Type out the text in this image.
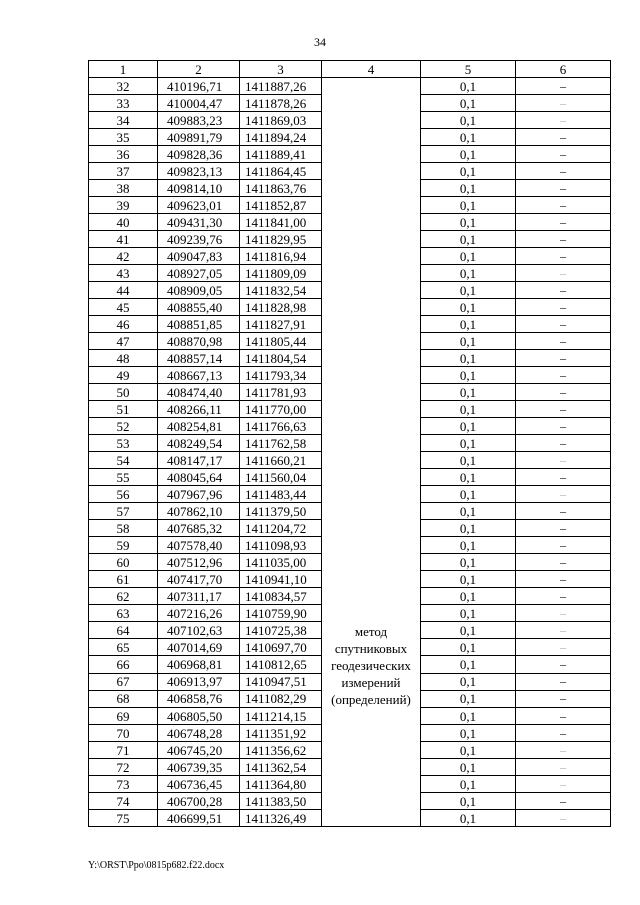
34
1	2	3	4	5	6
32	410196,71	1411887,26		0,1	–
33	410004,47	1411878,26		0,1	–
34	409883,23	1411869,03		0,1	–
35	409891,79	1411894,24		0,1	–
36	409828,36	1411889,41		0,1	–
37	409823,13	1411864,45		0,1	–
38	409814,10	1411863,76		0,1	–
39	409623,01	1411852,87		0,1	–
40	409431,30	1411841,00		0,1	–
41	409239,76	1411829,95		0,1	–
42	409047,83	1411816,94		0,1	–
43	408927,05	1411809,09		0,1	–
44	408909,05	1411832,54		0,1	–
45	408855,40	1411828,98		0,1	–
46	408851,85	1411827,91		0,1	–
47	408870,98	1411805,44		0,1	–
48	408857,14	1411804,54		0,1	–
49	408667,13	1411793,34		0,1	–
50	408474,40	1411781,93		0,1	–
51	408266,11	1411770,00		0,1	–
52	408254,81	1411766,63		0,1	–
53	408249,54	1411762,58		0,1	–
54	408147,17	1411660,21		0,1	–
55	408045,64	1411560,04		0,1	–
56	407967,96	1411483,44		0,1	–
57	407862,10	1411379,50		0,1	–
58	407685,32	1411204,72		0,1	–
59	407578,40	1411098,93		0,1	–
60	407512,96	1411035,00		0,1	–
61	407417,70	1410941,10		0,1	–
62	407311,17	1410834,57		0,1	–
63	407216,26	1410759,90		0,1	–
64	407102,63	1410725,38	метод спутниковых геодезических измерений (определений)	0,1	–
65	407014,69	1410697,70		0,1	–
66	406968,81	1410812,65		0,1	–
67	406913,97	1410947,51		0,1	–
68	406858,76	1411082,29		0,1	–
69	406805,50	1411214,15		0,1	–
70	406748,28	1411351,92		0,1	–
71	406745,20	1411356,62		0,1	–
72	406739,35	1411362,54		0,1	–
73	406736,45	1411364,80		0,1	–
74	406700,28	1411383,50		0,1	–
75	406699,51	1411326,49		0,1	–
Y:\ORST\Ppo\0815p682.f22.docx
